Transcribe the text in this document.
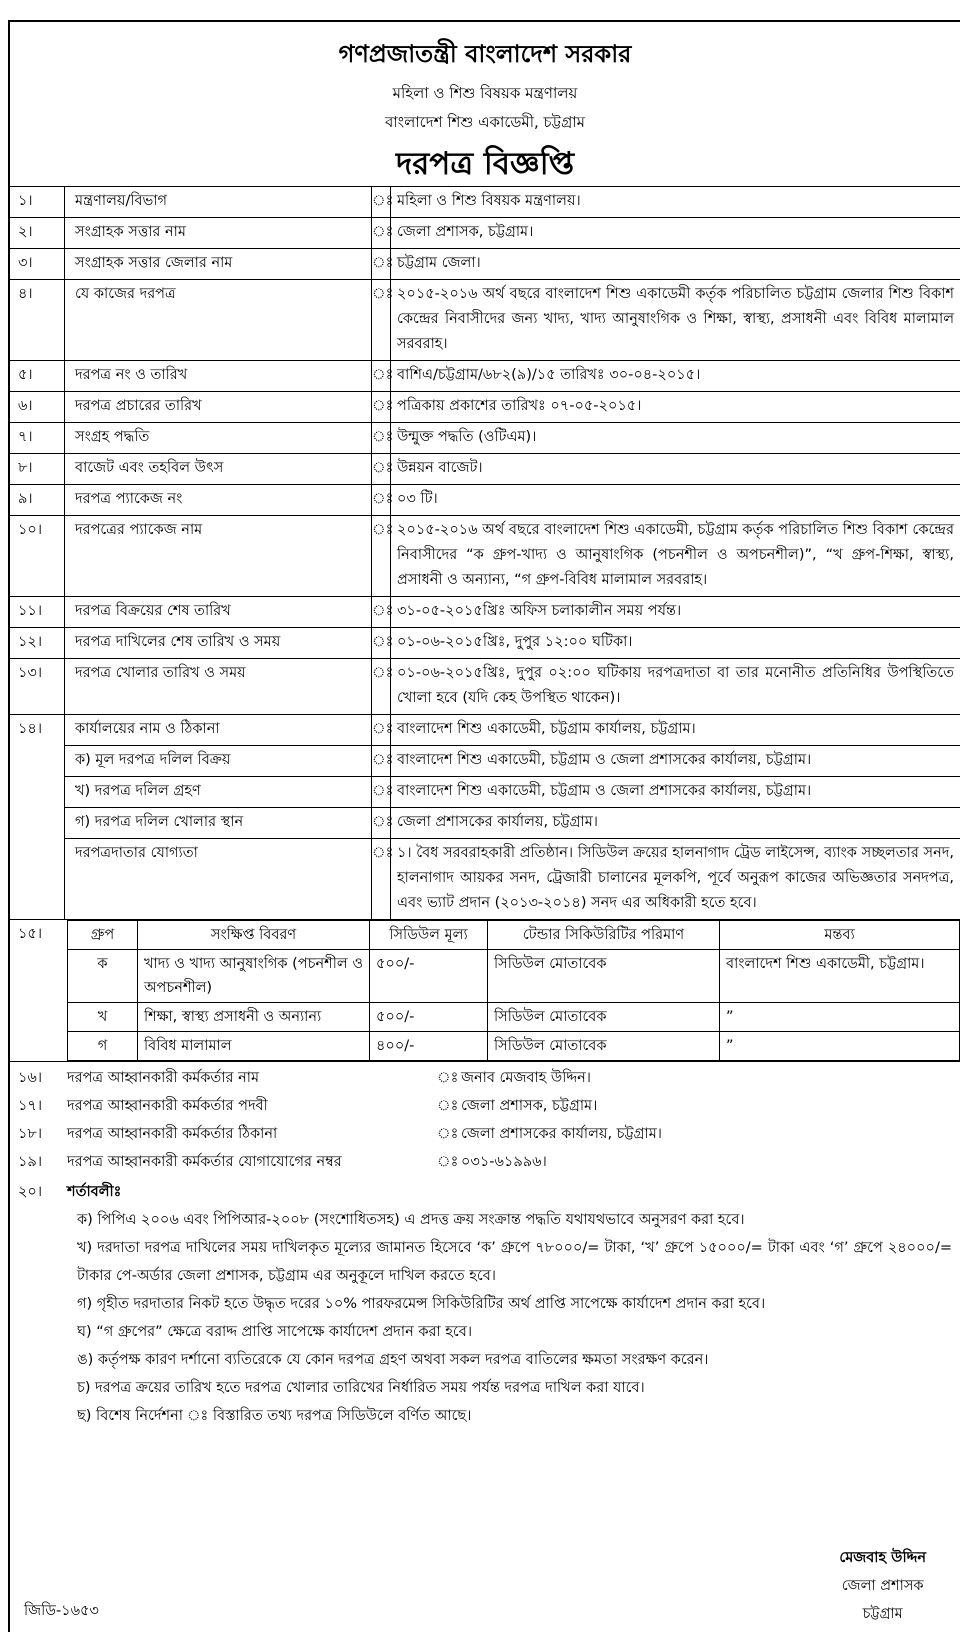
গণপ্রজাতন্ত্রী বাংলাদেশ সরকার
মহিলা ও শিশু বিষয়ক মন্ত্রণালয়
বাংলাদেশ শিশু একাডেমী, চট্টগ্রাম
দরপত্র বিজ্ঞপ্তি
১।	মন্ত্রণালয়/বিভাগ	ঃ	মহিলা ও শিশু বিষয়ক মন্ত্রণালয়।
২।	সংগ্রাহক সত্তার নাম	ঃ	জেলা প্রশাসক, চট্টগ্রাম।
৩।	সংগ্রাহক সত্তার জেলার নাম	ঃ	চট্টগ্রাম জেলা।
৪।	যে কাজের দরপত্র	ঃ	২০১৫-২০১৬ অর্থ বছরে বাংলাদেশ শিশু একাডেমী কর্তৃক পরিচালিত চট্টগ্রাম জেলার শিশু বিকাশ কেন্দ্রের নিবাসীদের জন্য খাদ্য, খাদ্য আনুষাংগিক ও শিক্ষা, স্বাস্থ্য, প্রসাধনী এবং বিবিধ মালামাল সরবরাহ।
৫।	দরপত্র নং ও তারিখ	ঃ	বাশিএ/চট্টগ্রাম/৬৮২(৯)/১৫ তারিখঃ ৩০-০৪-২০১৫।
৬।	দরপত্র প্রচারের তারিখ	ঃ	পত্রিকায় প্রকাশের তারিখঃ ০৭-০৫-২০১৫।
৭।	সংগ্রহ পদ্ধতি	ঃ	উন্মুক্ত পদ্ধতি (ওটিএম)।
৮।	বাজেট এবং তহবিল উৎস	ঃ	উন্নয়ন বাজেট।
৯।	দরপত্র প্যাকেজ নং	ঃ	০৩ টি।
১০।	দরপত্রের প্যাকেজ নাম	ঃ	২০১৫-২০১৬ অর্থ বছরে বাংলাদেশ শিশু একাডেমী, চট্টগ্রাম কর্তৃক পরিচালিত শিশু বিকাশ কেন্দ্রের নিবাসীদের “ক গ্রুপ-খাদ্য ও আনুষাংগিক (পচনশীল ও অপচনশীল)”, “খ গ্রুপ-শিক্ষা, স্বাস্থ্য, প্রসাধনী ও অন্যান্য, “গ গ্রুপ-বিবিধ মালামাল সরবরাহ।
১১।	দরপত্র বিক্রয়ের শেষ তারিখ	ঃ	৩১-০৫-২০১৫খ্রিঃ অফিস চলাকালীন সময় পর্যন্ত।
১২।	দরপত্র দাখিলের শেষ তারিখ ও সময়	ঃ	০১-০৬-২০১৫খ্রিঃ, দুপুর ১২:০০ ঘটিকা।
১৩।	দরপত্র খোলার তারিখ ও সময়	ঃ	০১-০৬-২০১৫খ্রিঃ, দুপুর ০২:০০ ঘটিকায় দরপত্রদাতা বা তার মনোনীত প্রতিনিধির উপস্থিতিতে খোলা হবে (যদি কেহ উপস্থিত থাকেন)।
১৪।	কার্যালয়ের নাম ও ঠিকানা	ঃ	বাংলাদেশ শিশু একাডেমী, চট্টগ্রাম কার্যালয়, চট্টগ্রাম।
	ক) মূল দরপত্র দলিল বিক্রয়	ঃ	বাংলাদেশ শিশু একাডেমী, চট্টগ্রাম ও জেলা প্রশাসকের কার্যালয়, চট্টগ্রাম।
	খ) দরপত্র দলিল গ্রহণ	ঃ	বাংলাদেশ শিশু একাডেমী, চট্টগ্রাম ও জেলা প্রশাসকের কার্যালয়, চট্টগ্রাম।
	গ) দরপত্র দলিল খোলার স্থান	ঃ	জেলা প্রশাসকের কার্যালয়, চট্টগ্রাম।
	দরপত্রদাতার যোগ্যতা	ঃ	১। বৈধ সরবরাহকারী প্রতিষ্ঠান। সিডিউল ক্রয়ের হালনাগাদ ট্রেড লাইসেন্স, ব্যাংক সচ্ছলতার সনদ, হালনাগাদ আয়কর সনদ, ট্রেজারী চালানের মূলকপি, পূর্বে অনুরূপ কাজের অভিজ্ঞতার সনদপত্র, এবং ভ্যাট প্রদান (২০১৩-২০১৪) সনদ এর অধিকারী হতে হবে।
১৫।	গ্রুপ	সংক্ষিপ্ত বিবরণ	সিডিউল মূল্য	টেন্ডার সিকিউরিটির পরিমাণ	মন্তব্য
ক	খাদ্য ও খাদ্য আনুষাংগিক (পচনশীল ও অপচনশীল)	৫০০/-	সিডিউল মোতাবেক	বাংলাদেশ শিশু একাডেমী, চট্টগ্রাম।
খ	শিক্ষা, স্বাস্থ্য প্রসাধনী ও অন্যান্য	৫০০/-	সিডিউল মোতাবেক	”
গ	বিবিধ মালামাল	৪০০/-	সিডিউল মোতাবেক	”
১৬।	দরপত্র আহ্বানকারী কর্মকর্তার নাম	ঃ জনাব মেজবাহ উদ্দিন।
১৭।	দরপত্র আহ্বানকারী কর্মকর্তার পদবী	ঃ জেলা প্রশাসক, চট্টগ্রাম।
১৮।	দরপত্র আহ্বানকারী কর্মকর্তার ঠিকানা	ঃ জেলা প্রশাসকের কার্যালয়, চট্টগ্রাম।
১৯।	দরপত্র আহ্বানকারী কর্মকর্তার যোগাযোগের নম্বর	ঃ ০৩১-৬১৯৯৬।
২০।	শর্তাবলীঃ

ক) পিপিএ ২০০৬ এবং পিপিআর-২০০৮ (সংশোধিতসহ) এ প্রদত্ত ক্রয় সংক্রান্ত পদ্ধতি যথাযথভাবে অনুসরণ করা হবে।

খ) দরদাতা দরপত্র দাখিলের সময় দাখিলকৃত মূল্যের জামানত হিসেবে ‘ক’ গ্রুপে ৭৮০০০/= টাকা, ‘খ’ গ্রুপে ১৫০০০/= টাকা এবং ‘গ’ গ্রুপে ২৪০০০/= টাকার পে-অর্ডার জেলা প্রশাসক, চট্টগ্রাম এর অনুকূলে দাখিল করতে হবে।

গ) গৃহীত দরদাতার নিকট হতে উদ্ধৃত দরের ১০% পারফরমেন্স সিকিউরিটির অর্থ প্রাপ্তি সাপেক্ষে কার্যাদেশ প্রদান করা হবে।

ঘ) “গ গ্রুপের” ক্ষেত্রে বরাদ্দ প্রাপ্তি সাপেক্ষে কার্যাদেশ প্রদান করা হবে।

ঙ) কর্তৃপক্ষ কারণ দর্শানো ব্যতিরেকে যে কোন দরপত্র গ্রহণ অথবা সকল দরপত্র বাতিলের ক্ষমতা সংরক্ষণ করেন।

চ) দরপত্র ক্রয়ের তারিখ হতে দরপত্র খোলার তারিখের নির্ধারিত সময় পর্যন্ত দরপত্র দাখিল করা যাবে।

ছ) বিশেষ নির্দেশনা ঃ বিস্তারিত তথ্য দরপত্র সিডিউলে বর্ণিত আছে।

জিডি-১৬৫৩
মেজবাহ উদ্দিন
জেলা প্রশাসক
চট্টগ্রাম
